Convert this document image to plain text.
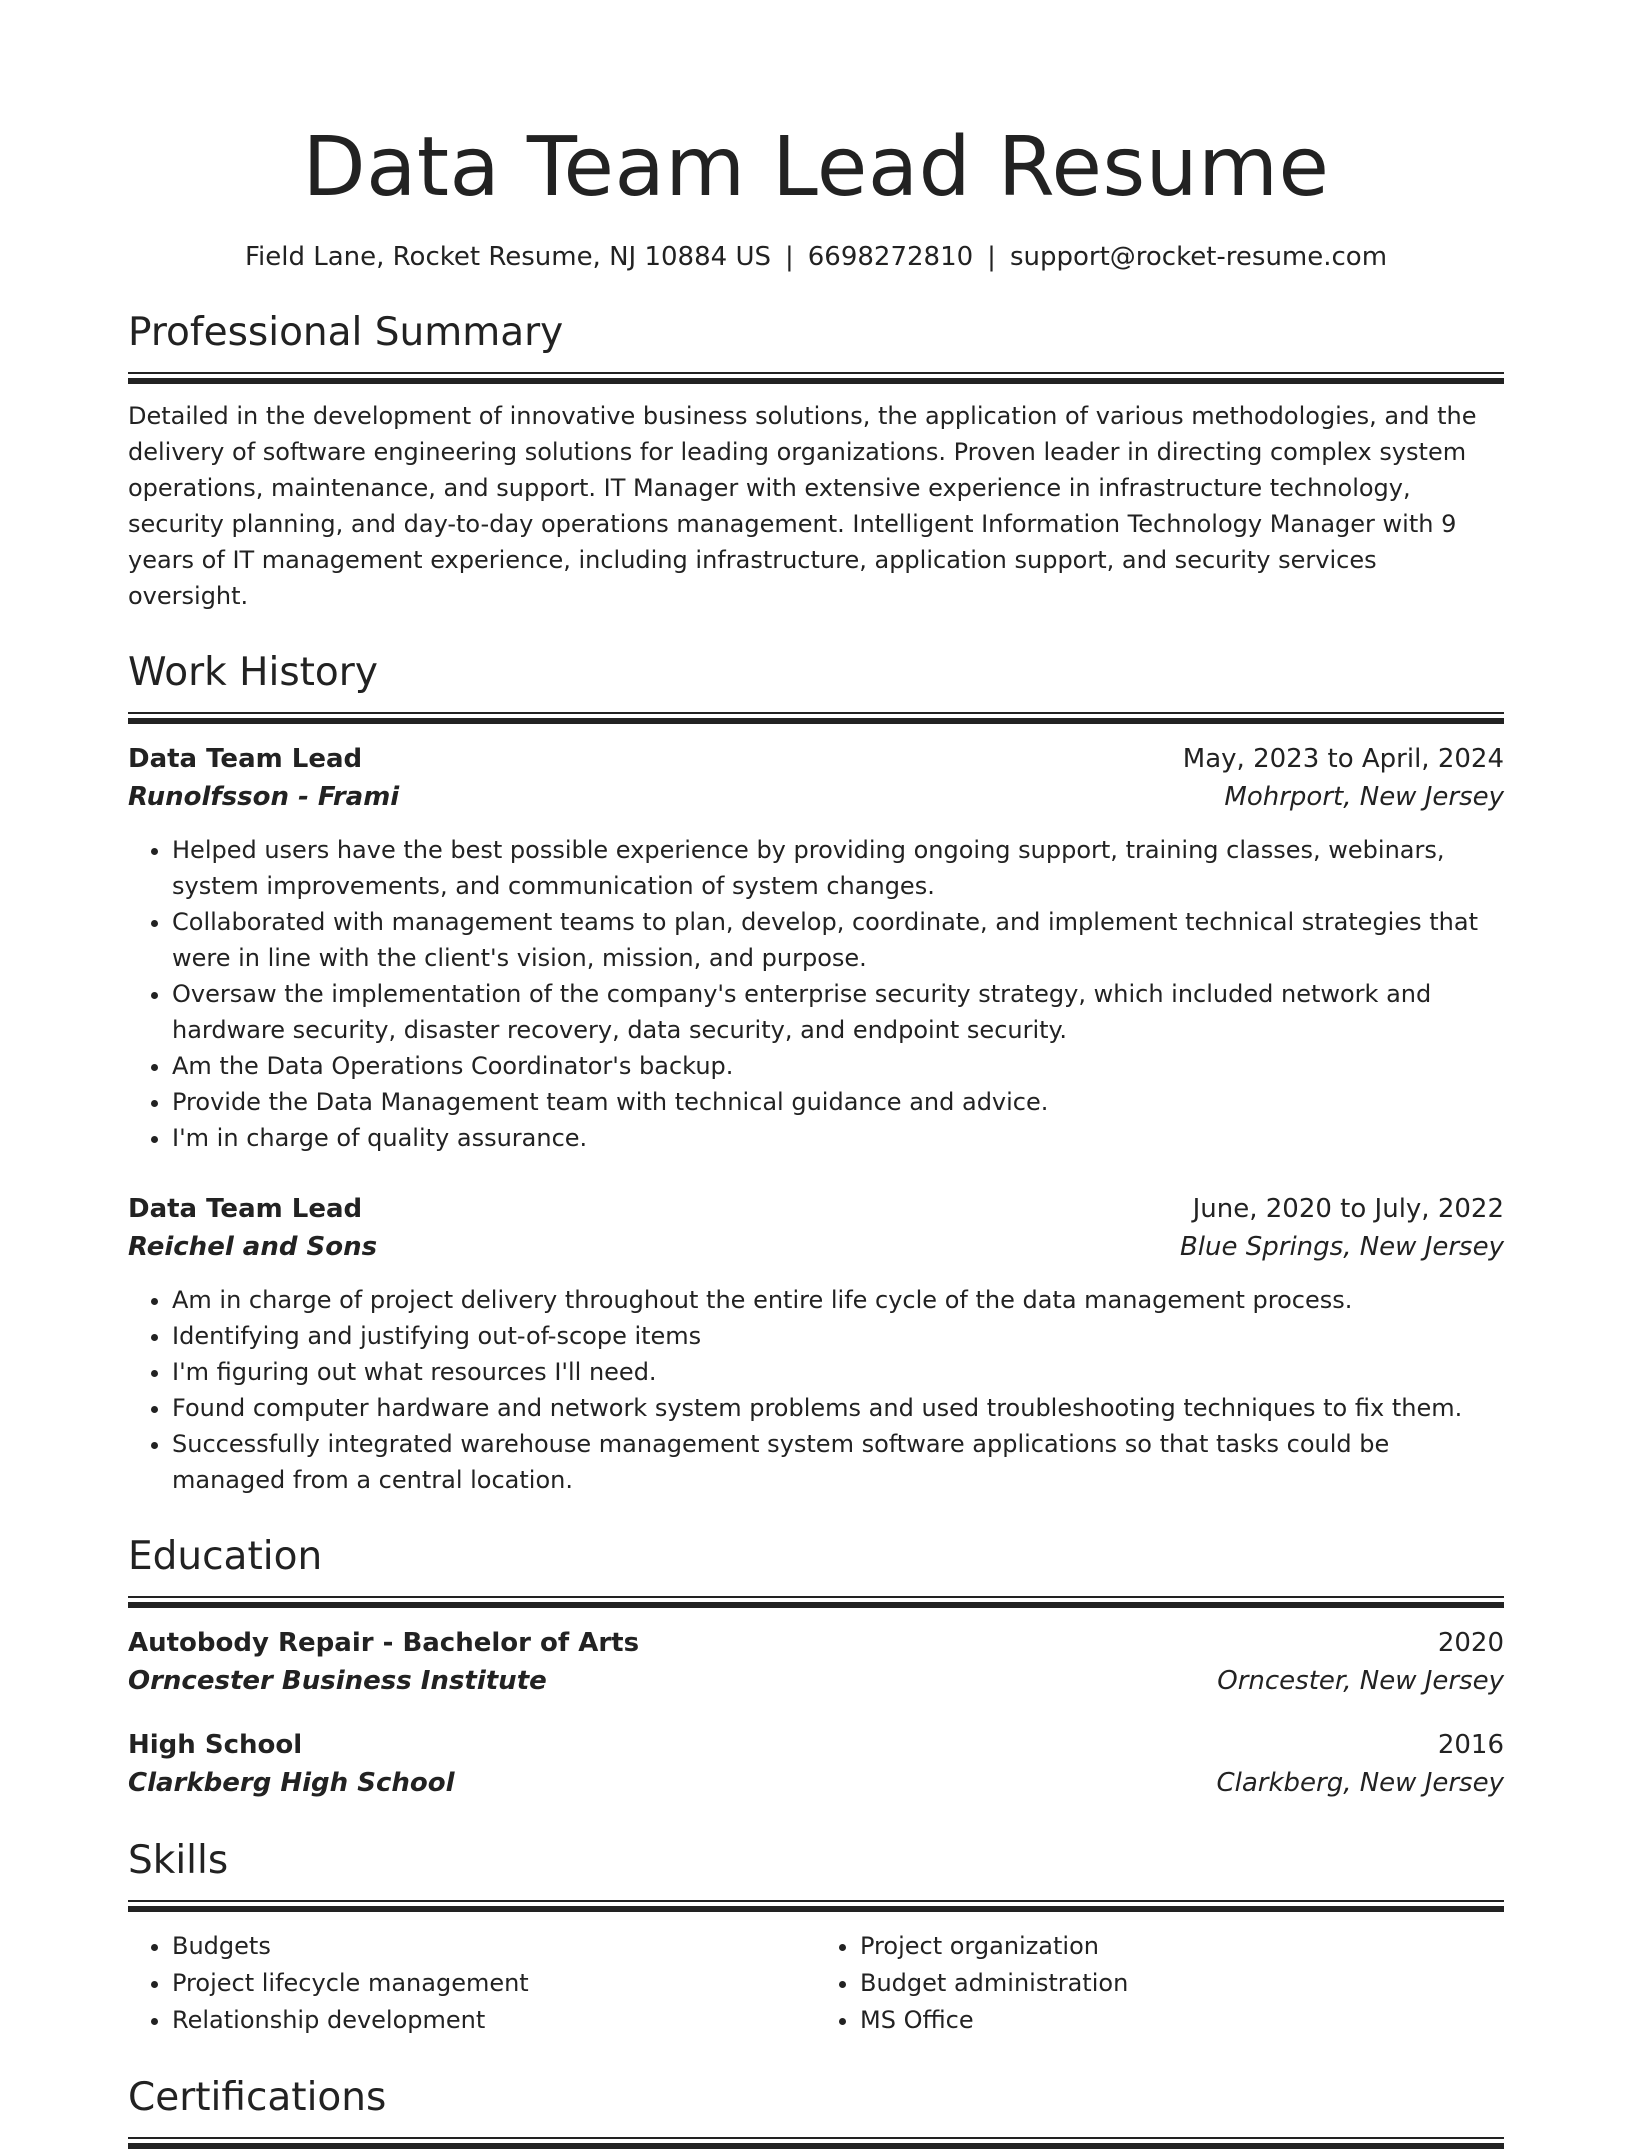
Data Team Lead Resume
Field Lane, Rocket Resume, NJ 10884 US | 6698272810 | support@rocket-resume.com
Professional Summary
Detailed in the development of innovative business solutions, the application of various methodologies, and the delivery of software engineering solutions for leading organizations. Proven leader in directing complex system operations, maintenance, and support. IT Manager with extensive experience in infrastructure technology, security planning, and day-to-day operations management. Intelligent Information Technology Manager with 9 years of IT management experience, including infrastructure, application support, and security services oversight.
Work History
Data Team Lead	May, 2023 to April, 2024
Runolfsson - Frami	Mohrport, New Jersey
• Helped users have the best possible experience by providing ongoing support, training classes, webinars, system improvements, and communication of system changes.
• Collaborated with management teams to plan, develop, coordinate, and implement technical strategies that were in line with the client's vision, mission, and purpose.
• Oversaw the implementation of the company's enterprise security strategy, which included network and hardware security, disaster recovery, data security, and endpoint security.
• Am the Data Operations Coordinator's backup.
• Provide the Data Management team with technical guidance and advice.
• I'm in charge of quality assurance.
Data Team Lead	June, 2020 to July, 2022
Reichel and Sons	Blue Springs, New Jersey
• Am in charge of project delivery throughout the entire life cycle of the data management process.
• Identifying and justifying out-of-scope items
• I'm figuring out what resources I'll need.
• Found computer hardware and network system problems and used troubleshooting techniques to fix them.
• Successfully integrated warehouse management system software applications so that tasks could be managed from a central location.
Education
Autobody Repair - Bachelor of Arts	2020
Orncester Business Institute	Orncester, New Jersey
High School	2016
Clarkberg High School	Clarkberg, New Jersey
Skills
• Budgets
• Project lifecycle management
• Relationship development
• Project organization
• Budget administration
• MS Office
Certifications
